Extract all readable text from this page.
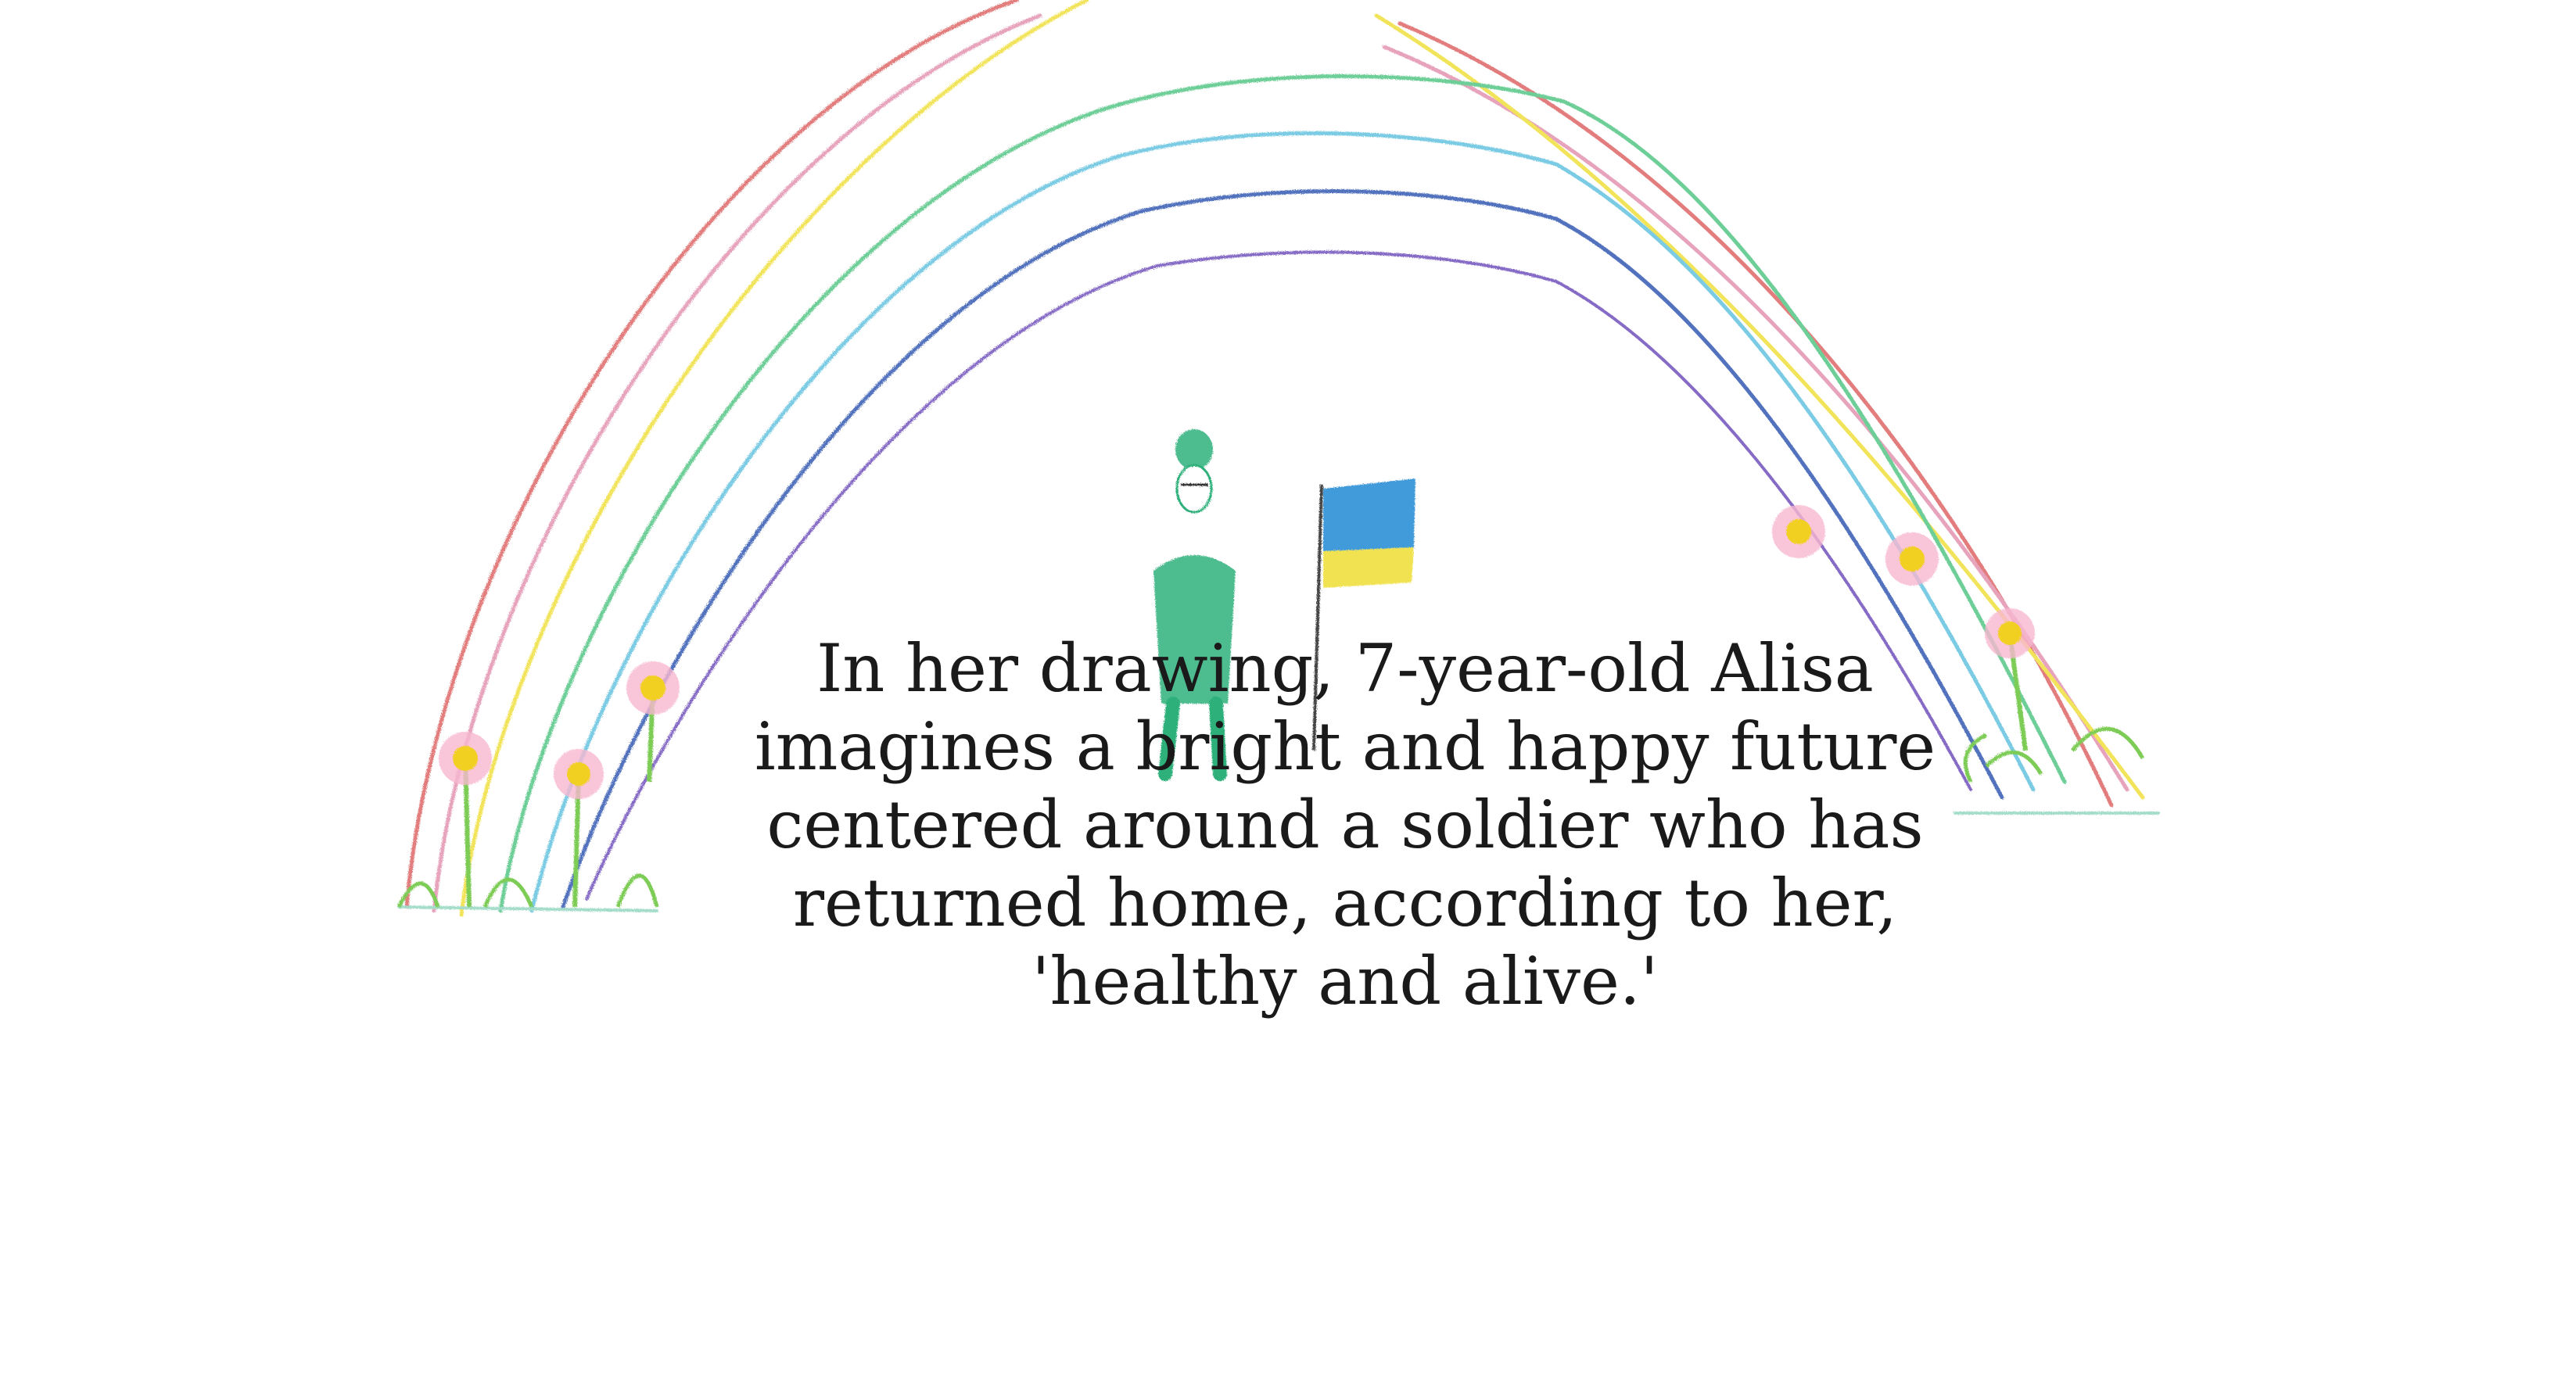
In her drawing, 7-year-old Alisa
imagines a bright and happy future
centered around a soldier who has
returned home, according to her,
'healthy and alive.'
